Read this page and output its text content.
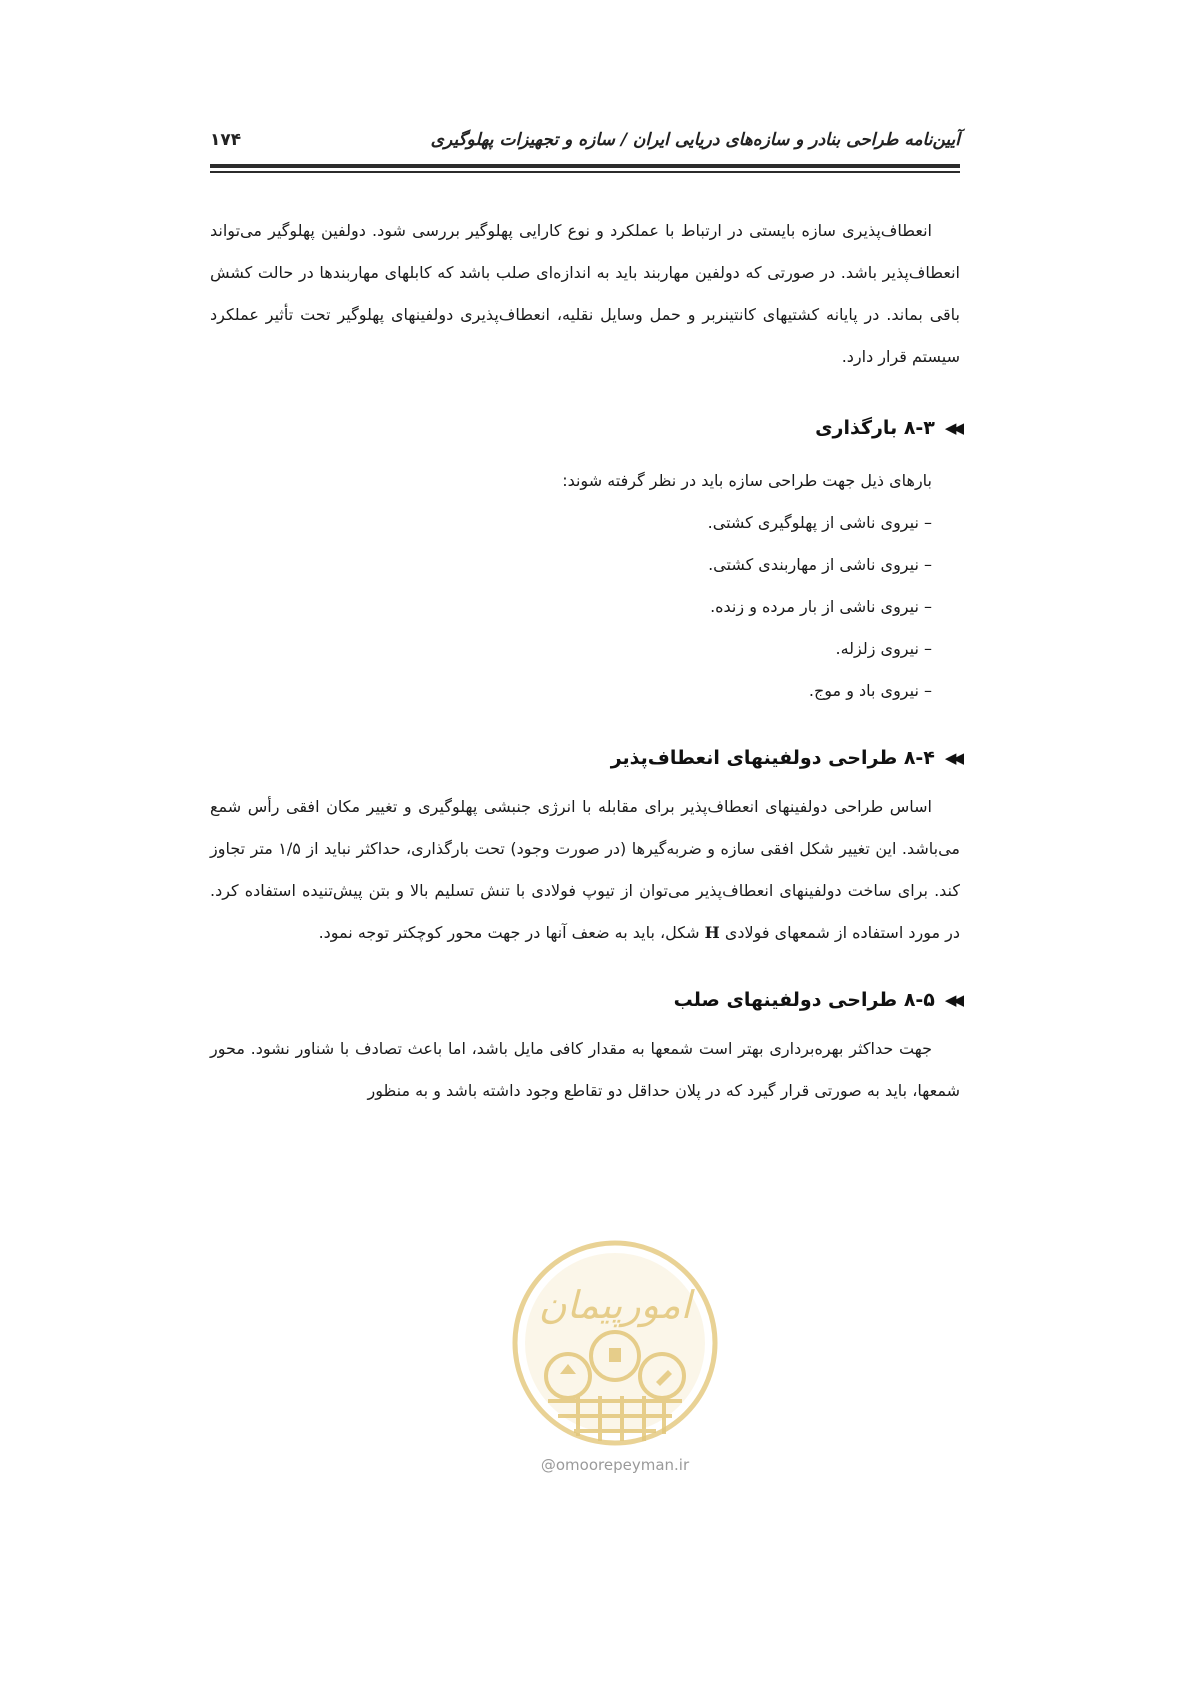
آیین‌نامه طراحی بنادر و سازه‌های دریایی ایران / سازه و تجهیزات پهلوگیری
۱۷۴

انعطاف‌پذیری سازه بایستی در ارتباط با عملکرد و نوع کارایی پهلوگیر بررسی شود. دولفین پهلوگیر می‌تواند انعطاف‌پذیر باشد. در صورتی که دولفین مهاربند باید به اندازه‌ای صلب باشد که کابلهای مهاربندها در حالت کشش باقی بماند. در پایانه کشتیهای کانتینربر و حمل وسایل نقلیه، انعطاف‌پذیری دولفینهای پهلوگیر تحت تأثیر عملکرد سیستم قرار دارد.

◀◀
۸-۳ بارگذاری

بارهای ذیل جهت طراحی سازه باید در نظر گرفته شوند:

– نیروی ناشی از پهلوگیری کشتی.
– نیروی ناشی از مهاربندی کشتی.
– نیروی ناشی از بار مرده و زنده.
– نیروی زلزله.
– نیروی باد و موج.
◀◀
۸-۴ طراحی دولفینهای انعطاف‌پذیر

اساس طراحی دولفینهای انعطاف‌پذیر برای مقابله با انرژی جنبشی پهلوگیری و تغییر مکان افقی رأس شمع می‌باشد. این تغییر شکل افقی سازه و ضربه‌گیرها (در صورت وجود) تحت بارگذاری، حداکثر نباید از ۱/۵ متر تجاوز کند. برای ساخت دولفینهای انعطاف‌پذیر می‌توان از تیوپ فولادی با تنش تسلیم بالا و بتن پیش‌تنیده استفاده کرد. در مورد استفاده از شمعهای فولادی H شکل، باید به ضعف آنها در جهت محور کوچکتر توجه نمود.

◀◀
۸-۵ طراحی دولفینهای صلب

جهت حداکثر بهره‌برداری بهتر است شمعها به مقدار کافی مایل باشد، اما باعث تصادف با شناور نشود. محور شمعها، باید به صورتی قرار گیرد که در پلان حداقل دو تقاطع وجود داشته باشد و به منظور

امورپیمان
@omoorepeyman.ir
